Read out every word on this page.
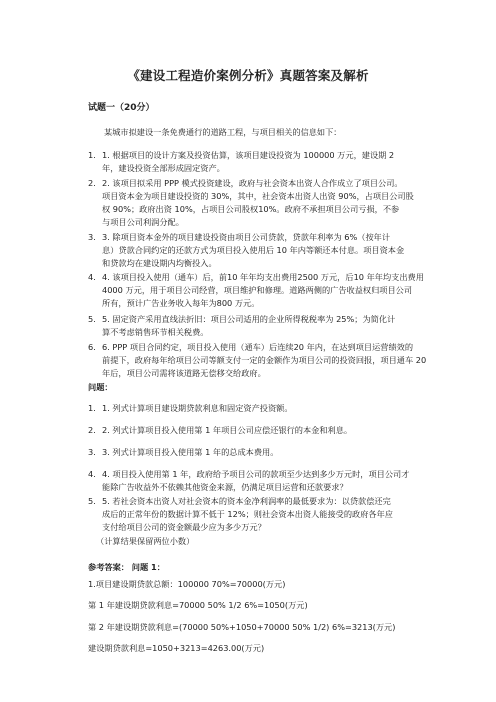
《建设工程造价案例分析》真题答案及解析
试题一（20分）
某城市拟建设一条免费通行的道路工程，与项目相关的信息如下：
1. 1. 根据项目的设计方案及投资估算，该项目建设投资为 100000 万元，建设期 2
年，建设投资全部形成固定资产。
2. 2. 该项目拟采用 PPP 模式投资建设，政府与社会资本出资人合作成立了项目公司。
项目资本金为项目建设投资的 30%，其中，社会资本出资人出资 90%，占项目公司股
权 90%；政府出资 10%，占项目公司股权10%。政府不承担项目公司亏损，不参
与项目公司利润分配。
3. 3. 除项目资本金外的项目建设投资由项目公司贷款，贷款年利率为 6%（按年计
息）贷款合同约定的还款方式为项目投入使用后 10 年内等额还本付息。项目资本金
和贷款均在建设期内均衡投入。
4. 4. 该项目投入使用（通车）后，前10 年年均支出费用2500 万元，后10 年年均支出费用
4000 万元，用于项目公司经营，项目维护和修理。道路两侧的广告收益权归项目公司
所有，预计广告业务收入每年为800 万元。
5. 5. 固定资产采用直线法折旧：项目公司适用的企业所得税税率为 25%；为简化计
算不考虑销售环节相关税费。
6. 6. PPP 项目合同约定，项目投入使用（通车）后连续20 年内，在达到项目运营绩效的
前提下，政府每年给项目公司等额支付一定的金额作为项目公司的投资回报，项目通车 20
年后，项目公司需将该道路无偿移交给政府。
问题：
1. 1. 列式计算项目建设期贷款利息和固定资产投资额。
2. 2. 列式计算项目投入使用第 1 年项目公司应偿还银行的本金和利息。
3. 3. 列式计算项目投入使用第 1 年的总成本费用。
4. 4. 项目投入使用第 1 年，政府给予项目公司的款项至少达到多少万元时，项目公司才
能除广告收益外不依赖其他资金来源，仍满足项目运营和还款要求？
5. 5. 若社会资本出资人对社会资本的资本金净利润率的最低要求为：以贷款偿还完
成后的正常年份的数据计算不低于 12%；则社会资本出资人能接受的政府各年应
支付给项目公司的资金额最少应为多少万元？
（计算结果保留两位小数）
参考答案： 问题 1：
1.项目建设期贷款总额：100000 70%=70000(万元)
第 1 年建设期贷款利息=70000 50% 1/2 6%=1050(万元)
第 2 年建设期贷款利息=(70000 50%+1050+70000 50% 1/2) 6%=3213(万元)
建设期贷款利息=1050+3213=4263.00(万元)
